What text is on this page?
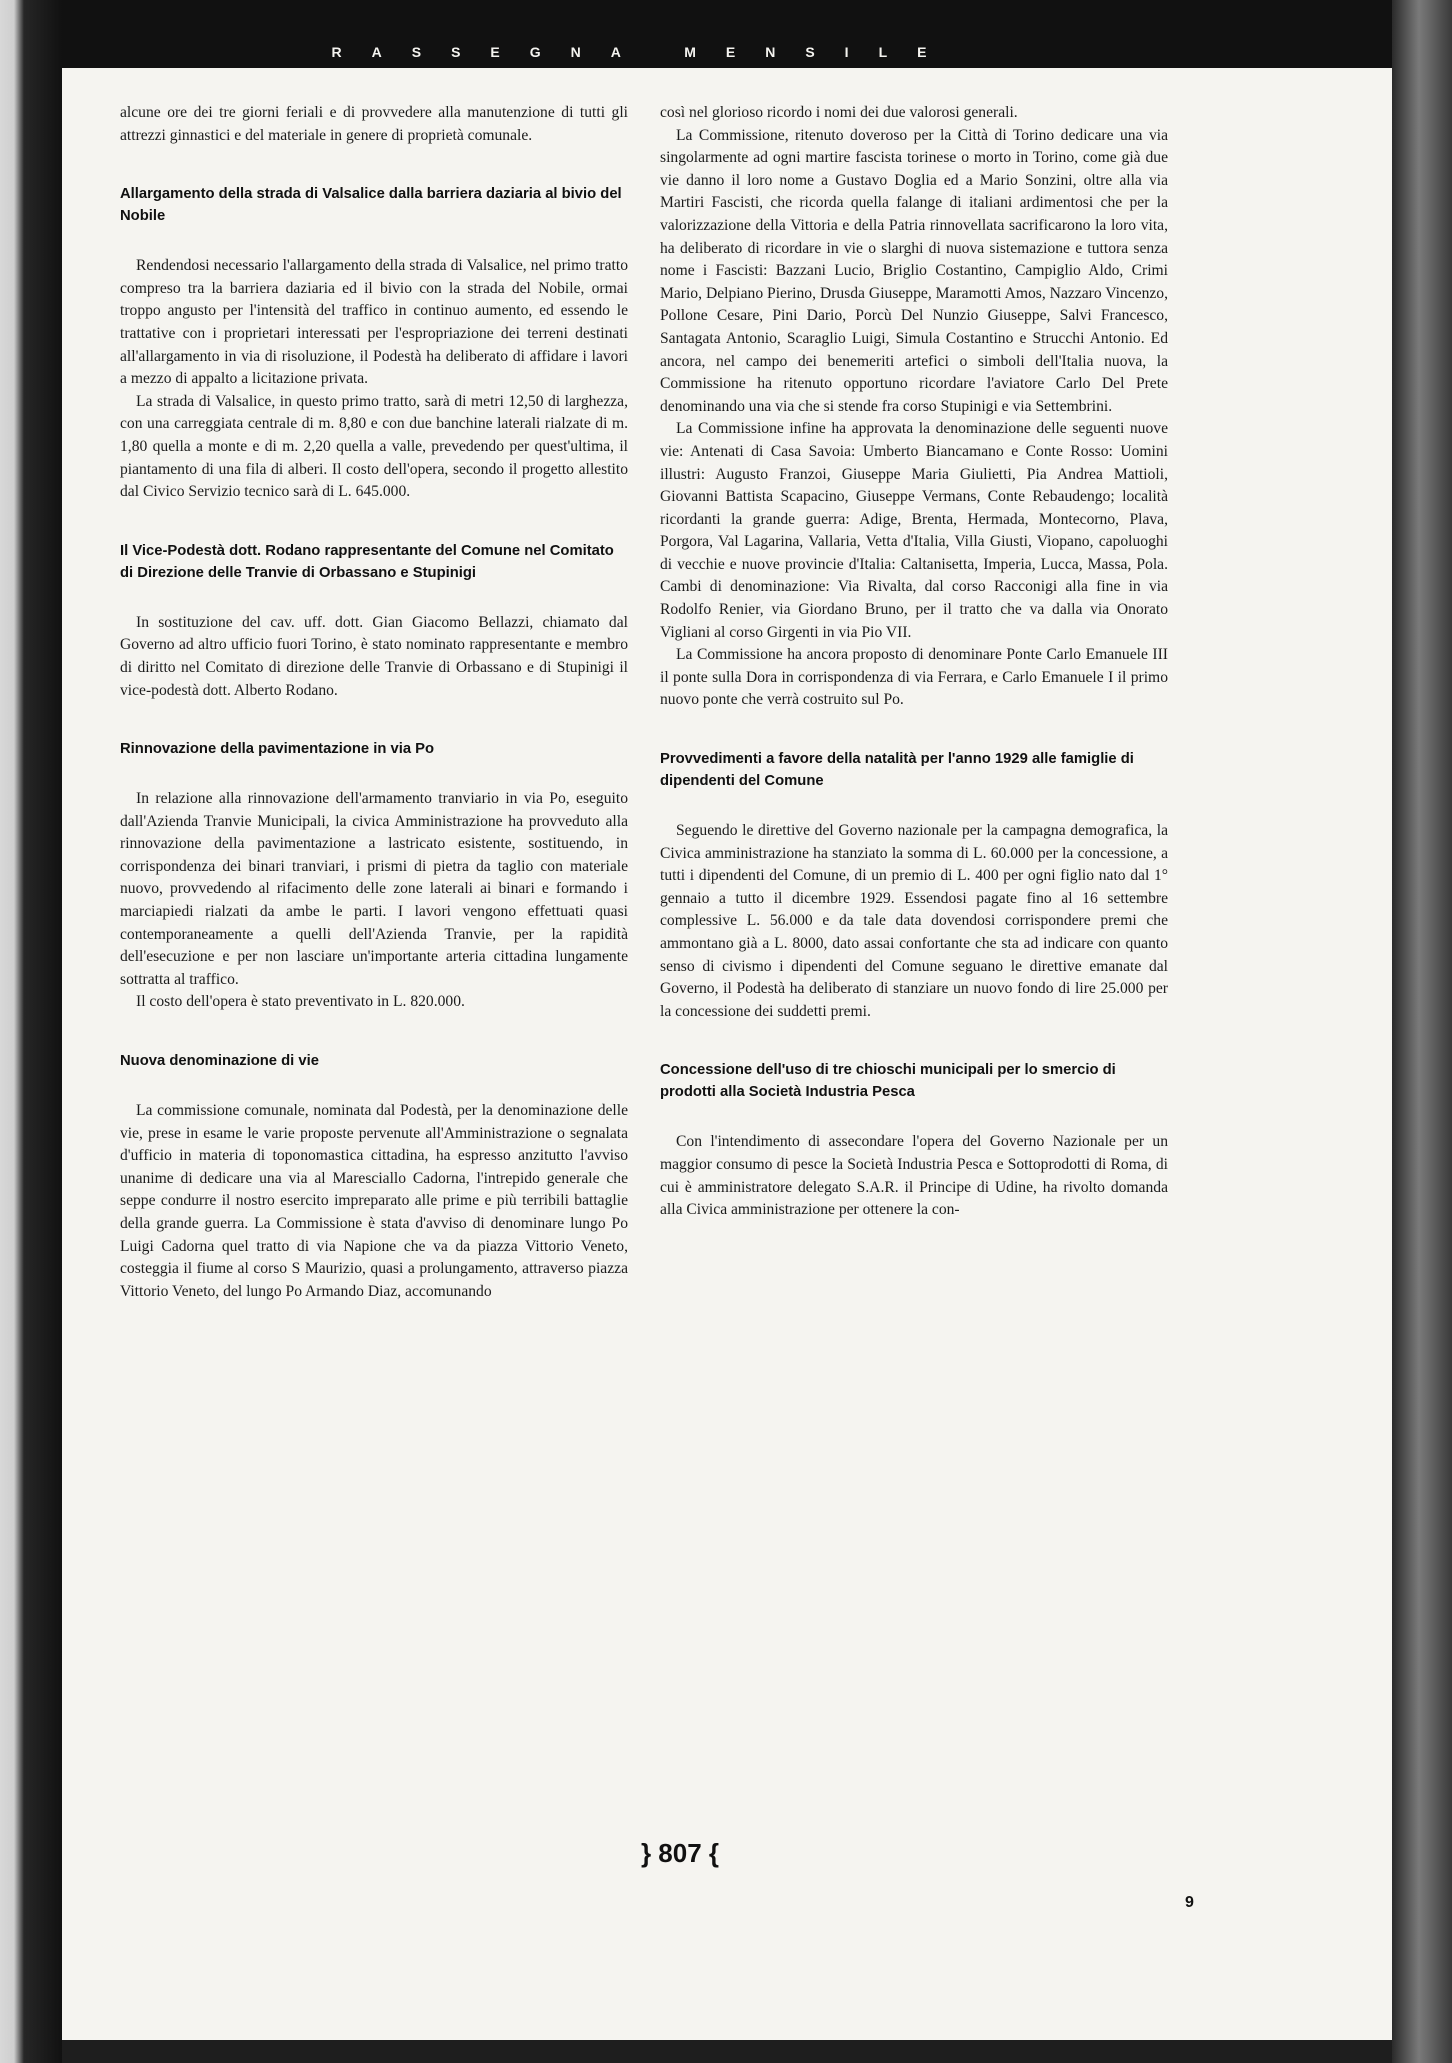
RASSEGNA MENSILE

alcune ore dei tre giorni feriali e di provvedere alla manutenzione di tutti gli attrezzi ginnastici e del materiale in genere di proprietà comunale.

Allargamento della strada di Valsalice dalla barriera daziaria al bivio del Nobile

Rendendosi necessario l'allargamento della strada di Valsalice, nel primo tratto compreso tra la barriera daziaria ed il bivio con la strada del Nobile, ormai troppo angusto per l'intensità del traffico in continuo aumento, ed essendo le trattative con i proprietari interessati per l'espropriazione dei terreni destinati all'allargamento in via di risoluzione, il Podestà ha deliberato di affidare i lavori a mezzo di appalto a licitazione privata.

La strada di Valsalice, in questo primo tratto, sarà di metri 12,50 di larghezza, con una carreggiata centrale di m. 8,80 e con due banchine laterali rialzate di m. 1,80 quella a monte e di m. 2,20 quella a valle, prevedendo per quest'ultima, il piantamento di una fila di alberi. Il costo dell'opera, secondo il progetto allestito dal Civico Servizio tecnico sarà di L. 645.000.

Il Vice-Podestà dott. Rodano rappresentante del Comune nel Comitato di Direzione delle Tranvie di Orbassano e Stupinigi

In sostituzione del cav. uff. dott. Gian Giacomo Bellazzi, chiamato dal Governo ad altro ufficio fuori Torino, è stato nominato rappresentante e membro di diritto nel Comitato di direzione delle Tranvie di Orbassano e di Stupinigi il vice-podestà dott. Alberto Rodano.

Rinnovazione della pavimentazione in via Po

In relazione alla rinnovazione dell'armamento tranviario in via Po, eseguito dall'Azienda Tranvie Municipali, la civica Amministrazione ha provveduto alla rinnovazione della pavimentazione a lastricato esistente, sostituendo, in corrispondenza dei binari tranviari, i prismi di pietra da taglio con materiale nuovo, provvedendo al rifacimento delle zone laterali ai binari e formando i marciapiedi rialzati da ambe le parti. I lavori vengono effettuati quasi contemporaneamente a quelli dell'Azienda Tranvie, per la rapidità dell'esecuzione e per non lasciare un'importante arteria cittadina lungamente sottratta al traffico.

Il costo dell'opera è stato preventivato in L. 820.000.

Nuova denominazione di vie

La commissione comunale, nominata dal Podestà, per la denominazione delle vie, prese in esame le varie proposte pervenute all'Amministrazione o segnalata d'ufficio in materia di toponomastica cittadina, ha espresso anzitutto l'avviso unanime di dedicare una via al Maresciallo Cadorna, l'intrepido generale che seppe condurre il nostro esercito impreparato alle prime e più terribili battaglie della grande guerra. La Commissione è stata d'avviso di denominare lungo Po Luigi Cadorna quel tratto di via Napione che va da piazza Vittorio Veneto, costeggia il fiume al corso S Maurizio, quasi a prolungamento, attraverso piazza Vittorio Veneto, del lungo Po Armando Diaz, accomunando

così nel glorioso ricordo i nomi dei due valorosi generali.

La Commissione, ritenuto doveroso per la Città di Torino dedicare una via singolarmente ad ogni martire fascista torinese o morto in Torino, come già due vie danno il loro nome a Gustavo Doglia ed a Mario Sonzini, oltre alla via Martiri Fascisti, che ricorda quella falange di italiani ardimentosi che per la valorizzazione della Vittoria e della Patria rinnovellata sacrificarono la loro vita, ha deliberato di ricordare in vie o slarghi di nuova sistemazione e tuttora senza nome i Fascisti: Bazzani Lucio, Briglio Costantino, Campiglio Aldo, Crimi Mario, Delpiano Pierino, Drusda Giuseppe, Maramotti Amos, Nazzaro Vincenzo, Pollone Cesare, Pini Dario, Porcù Del Nunzio Giuseppe, Salvi Francesco, Santagata Antonio, Scaraglio Luigi, Simula Costantino e Strucchi Antonio. Ed ancora, nel campo dei benemeriti artefici o simboli dell'Italia nuova, la Commissione ha ritenuto opportuno ricordare l'aviatore Carlo Del Prete denominando una via che si stende fra corso Stupinigi e via Settembrini.

La Commissione infine ha approvata la denominazione delle seguenti nuove vie: Antenati di Casa Savoia: Umberto Biancamano e Conte Rosso: Uomini illustri: Augusto Franzoi, Giuseppe Maria Giulietti, Pia Andrea Mattioli, Giovanni Battista Scapacino, Giuseppe Vermans, Conte Rebaudengo; località ricordanti la grande guerra: Adige, Brenta, Hermada, Montecorno, Plava, Porgora, Val Lagarina, Vallaria, Vetta d'Italia, Villa Giusti, Viopano, capoluoghi di vecchie e nuove provincie d'Italia: Caltanisetta, Imperia, Lucca, Massa, Pola. Cambi di denominazione: Via Rivalta, dal corso Racconigi alla fine in via Rodolfo Renier, via Giordano Bruno, per il tratto che va dalla via Onorato Vigliani al corso Girgenti in via Pio VII.

La Commissione ha ancora proposto di denominare Ponte Carlo Emanuele III il ponte sulla Dora in corrispondenza di via Ferrara, e Carlo Emanuele I il primo nuovo ponte che verrà costruito sul Po.

Provvedimenti a favore della natalità per l'anno 1929 alle famiglie di dipendenti del Comune

Seguendo le direttive del Governo nazionale per la campagna demografica, la Civica amministrazione ha stanziato la somma di L. 60.000 per la concessione, a tutti i dipendenti del Comune, di un premio di L. 400 per ogni figlio nato dal 1° gennaio a tutto il dicembre 1929. Essendosi pagate fino al 16 settembre complessive L. 56.000 e da tale data dovendosi corrispondere premi che ammontano già a L. 8000, dato assai confortante che sta ad indicare con quanto senso di civismo i dipendenti del Comune seguano le direttive emanate dal Governo, il Podestà ha deliberato di stanziare un nuovo fondo di lire 25.000 per la concessione dei suddetti premi.

Concessione dell'uso di tre chioschi municipali per lo smercio di prodotti alla Società Industria Pesca

Con l'intendimento di assecondare l'opera del Governo Nazionale per un maggior consumo di pesce la Società Industria Pesca e Sottoprodotti di Roma, di cui è amministratore delegato S.A.R. il Principe di Udine, ha rivolto domanda alla Civica amministrazione per ottenere la con-

} 807 {
9
